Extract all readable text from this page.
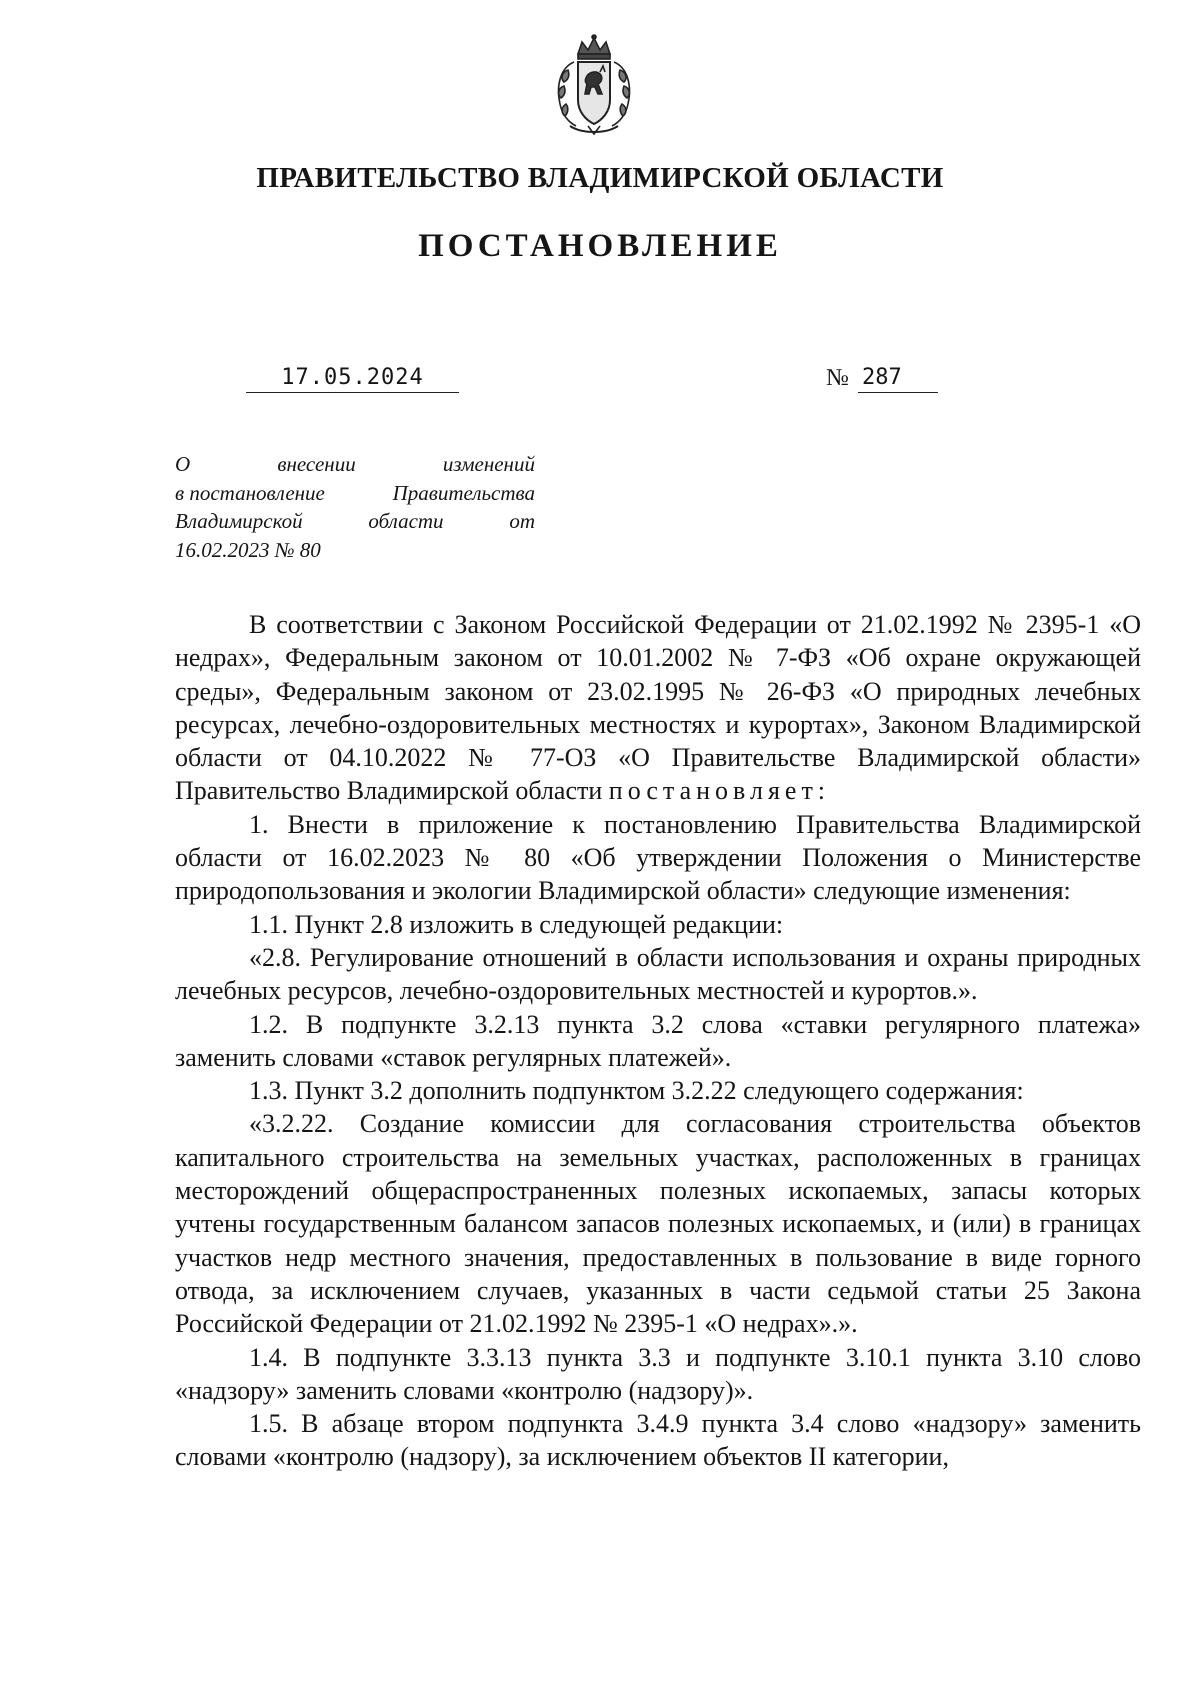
ПРАВИТЕЛЬСТВО ВЛАДИМИРСКОЙ ОБЛАСТИ
ПОСТАНОВЛЕНИЕ
17.05.2024	№ 287
О	внесении	изменений
в постановление	Правительства
Владимирской	области	от
16.02.2023 № 80

В соответствии с Законом Российской Федерации от 21.02.1992 № 2395-1 «О недрах», Федеральным законом от 10.01.2002 № 7-ФЗ «Об охране окружающей среды», Федеральным законом от 23.02.1995 № 26-ФЗ «О природных лечебных ресурсах, лечебно-оздоровительных местностях и курортах», Законом Владимирской области от 04.10.2022 № 77-ОЗ «О Правительстве Владимирской области» Правительство Владимирской области постановляет:

1. Внести в приложение к постановлению Правительства Владимирской области от 16.02.2023 № 80 «Об утверждении Положения о Министерстве природопользования и экологии Владимирской области» следующие изменения:

1.1. Пункт 2.8 изложить в следующей редакции:

«2.8. Регулирование отношений в области использования и охраны природных лечебных ресурсов, лечебно-оздоровительных местностей и курортов.».

1.2. В подпункте 3.2.13 пункта 3.2 слова «ставки регулярного платежа» заменить словами «ставок регулярных платежей».

1.3. Пункт 3.2 дополнить подпунктом 3.2.22 следующего содержания:

«3.2.22. Создание комиссии для согласования строительства объектов капитального строительства на земельных участках, расположенных в границах месторождений общераспространенных полезных ископаемых, запасы которых учтены государственным балансом запасов полезных ископаемых, и (или) в границах участков недр местного значения, предоставленных в пользование в виде горного отвода, за исключением случаев, указанных в части седьмой статьи 25 Закона Российской Федерации от 21.02.1992 № 2395-1 «О недрах».».

1.4. В подпункте 3.3.13 пункта 3.3 и подпункте 3.10.1 пункта 3.10 слово «надзору» заменить словами «контролю (надзору)».

1.5. В абзаце втором подпункта 3.4.9 пункта 3.4 слово «надзору» заменить словами «контролю (надзору), за исключением объектов II категории,
